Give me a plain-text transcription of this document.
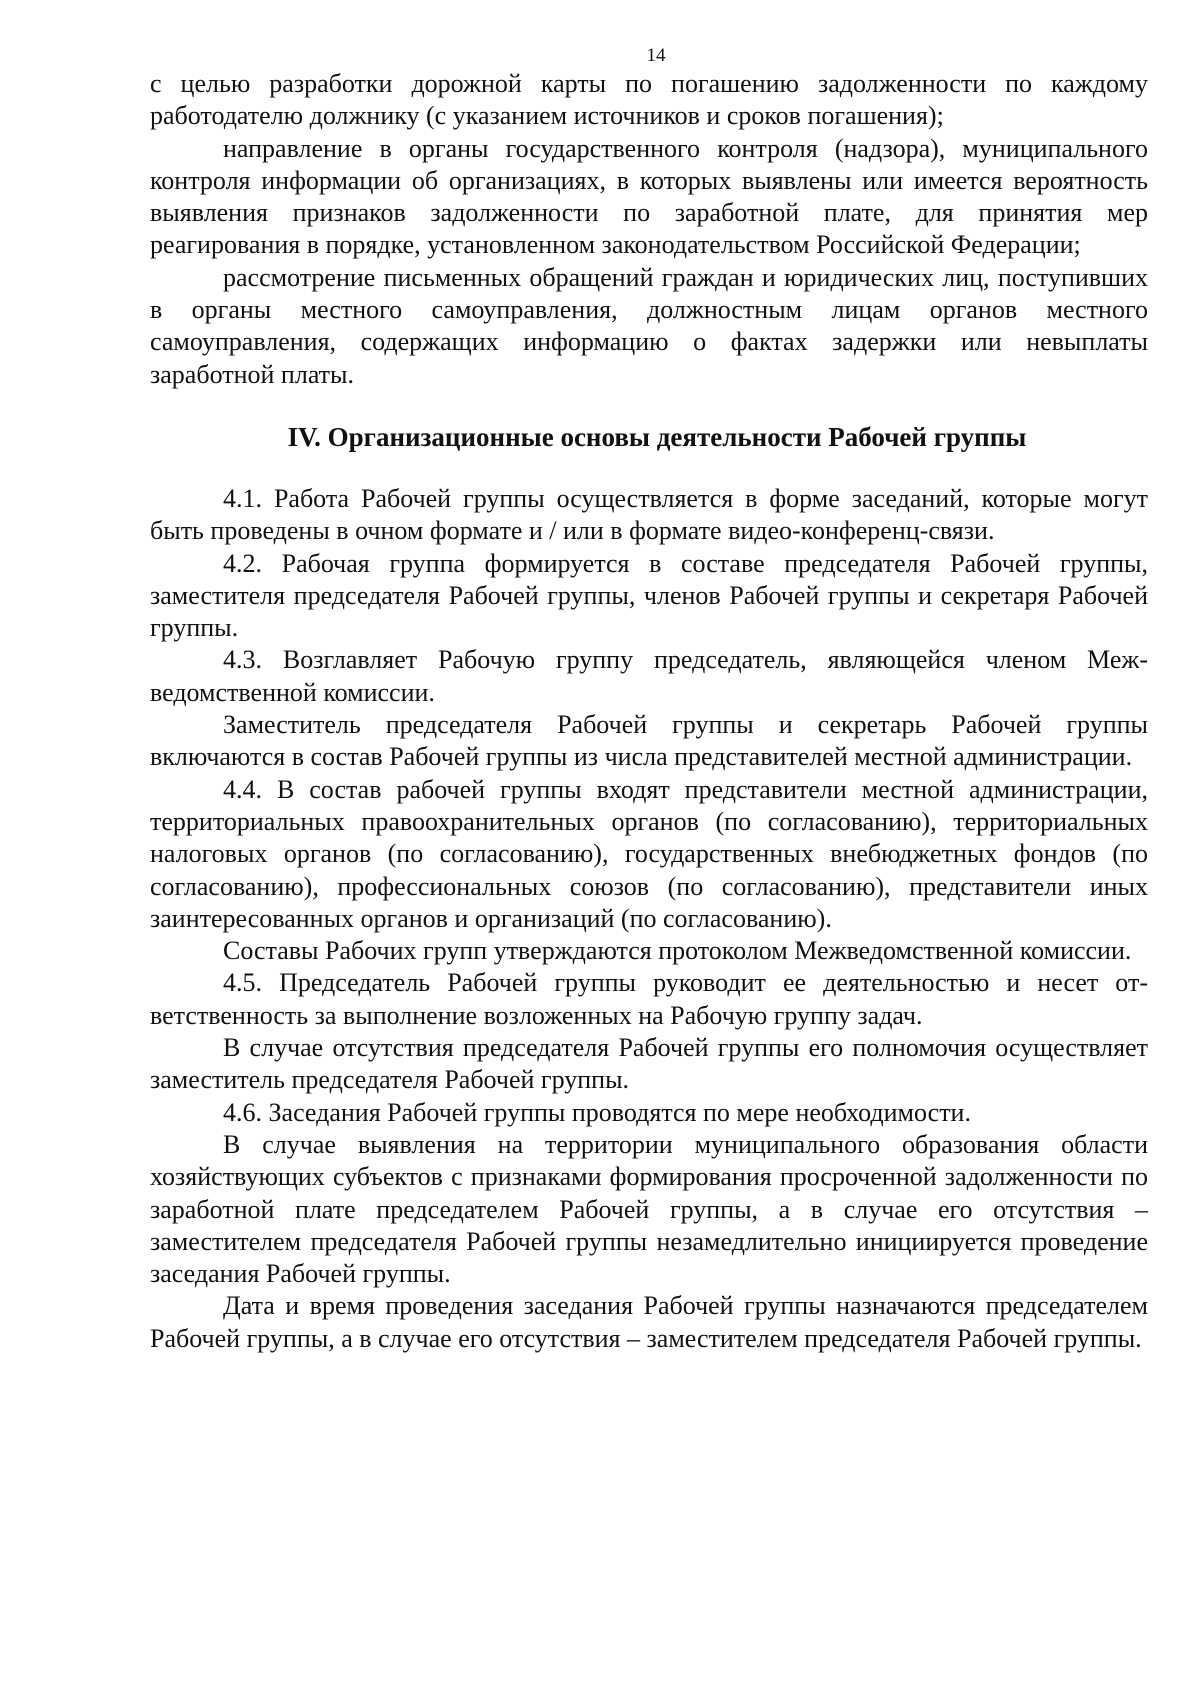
14

с целью разработки дорожной карты по погашению задолженности по каждому работодателю должнику (с указанием источников и сроков погашения);

направление в органы государственного контроля (надзора), муниципального контроля информации об организациях, в которых выявлены или имеется вероятность выявления признаков задолженности по заработной плате, для принятия мер реагирования в порядке, установленном законодательством Российской Федерации;

рассмотрение письменных обращений граждан и юридических лиц, поступивших в органы местного самоуправления, должностным лицам органов местного самоуправления, содержащих информацию о фактах задержки или невыплаты заработной платы.

IV. Организационные основы деятельности Рабочей группы

4.1. Работа Рабочей группы осуществляется в форме заседаний, которые могут быть проведены в очном формате и / или в формате видео-конференц-связи.

4.2. Рабочая группа формируется в составе председателя Рабочей группы, заместителя председателя Рабочей группы, членов Рабочей группы и секретаря Рабочей группы.

4.3. Возглавляет Рабочую группу председатель, являющейся членом Межведомственной комиссии.

Заместитель председателя Рабочей группы и секретарь Рабочей группы включаются в состав Рабочей группы из числа представителей местной администрации.

4.4. В состав рабочей группы входят представители местной администрации, территориальных правоохранительных органов (по согласованию), территориальных налоговых органов (по согласованию), государственных внебюджетных фондов (по согласованию), профессиональных союзов (по согласованию), представители иных заинтересованных органов и организаций (по согласованию).

Составы Рабочих групп утверждаются протоколом Межведомственной комиссии.

4.5. Председатель Рабочей группы руководит ее деятельностью и несет ответственность за выполнение возложенных на Рабочую группу задач.

В случае отсутствия председателя Рабочей группы его полномочия осуществляет заместитель председателя Рабочей группы.

4.6. Заседания Рабочей группы проводятся по мере необходимости.

В случае выявления на территории муниципального образования области хозяйствующих субъектов с признаками формирования просроченной задолженности по заработной плате председателем Рабочей группы, а в случае его отсутствия – заместителем председателя Рабочей группы незамедлительно инициируется проведение заседания Рабочей группы.

Дата и время проведения заседания Рабочей группы назначаются председателем Рабочей группы, а в случае его отсутствия – заместителем председателя Рабочей группы.
